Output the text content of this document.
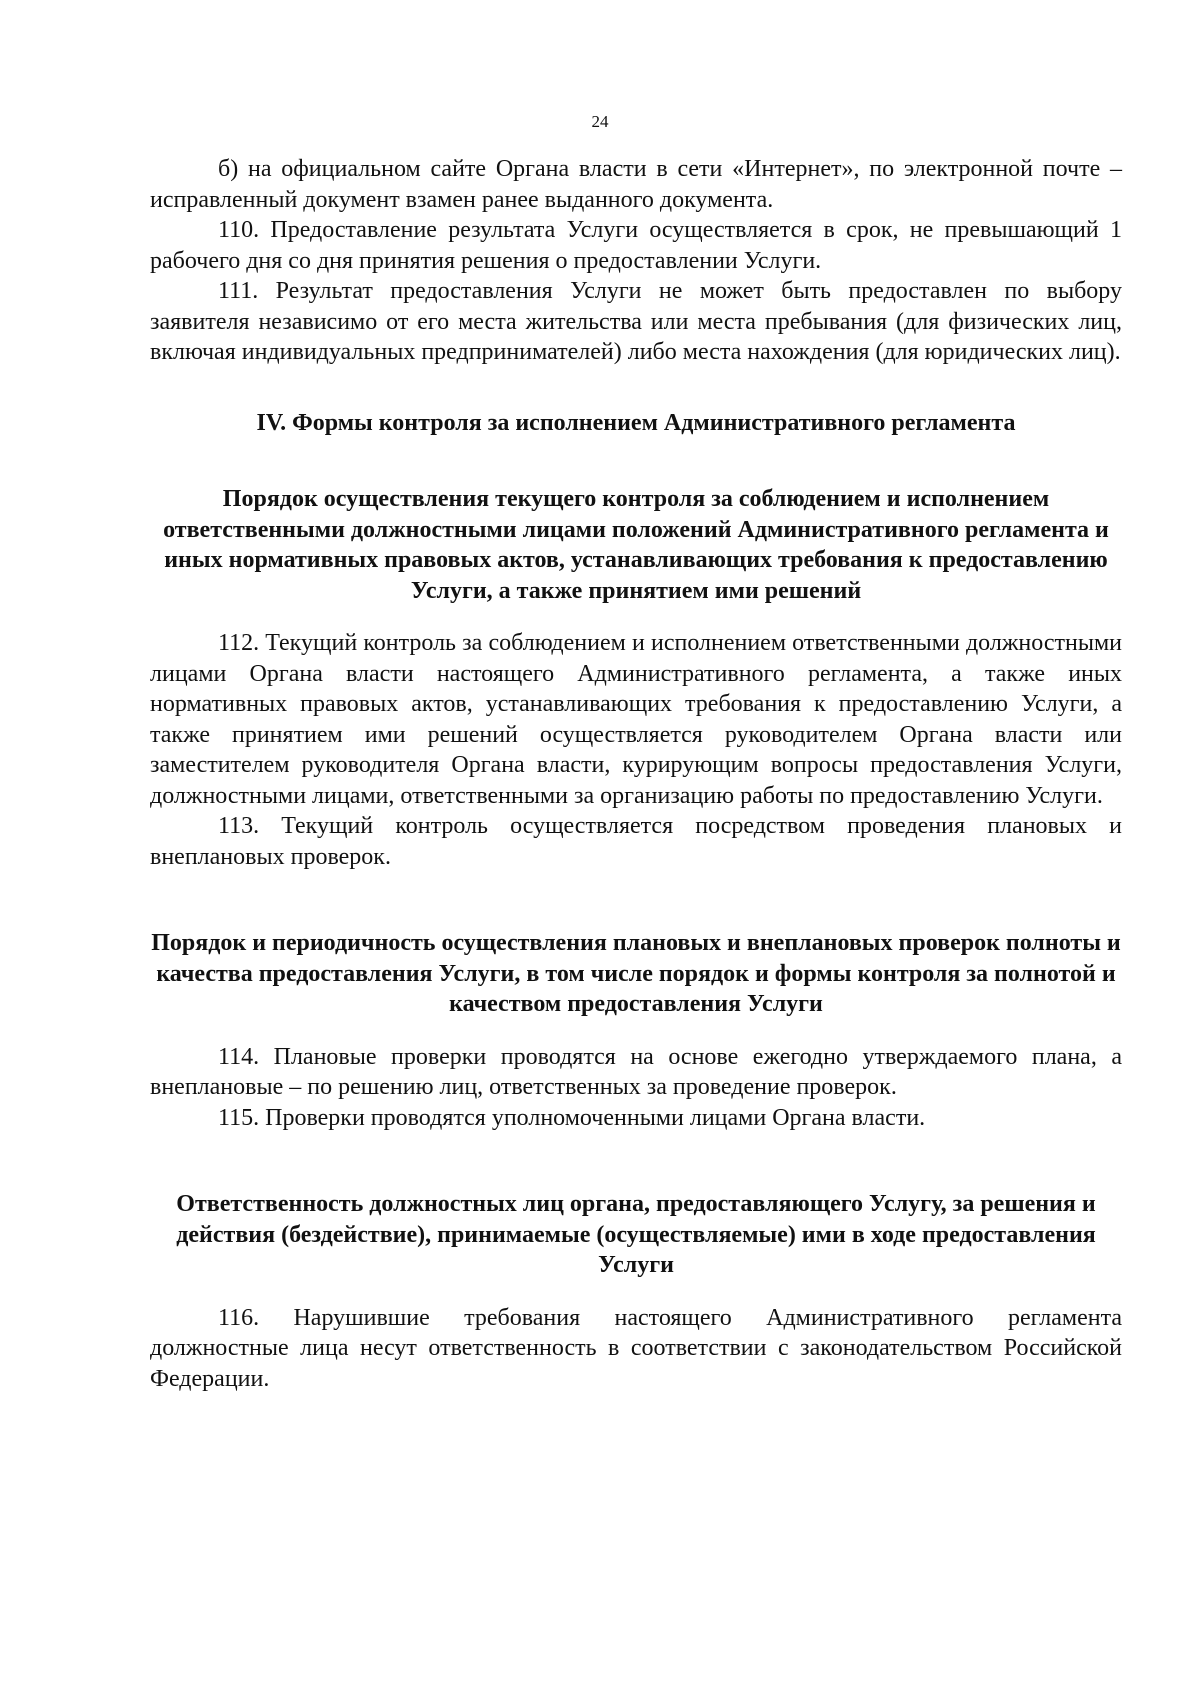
24

б) на официальном сайте Органа власти в сети «Интернет», по электронной почте – исправленный документ взамен ранее выданного документа.

110. Предоставление результата Услуги осуществляется в срок, не превышающий 1 рабочего дня со дня принятия решения о предоставлении Услуги.

111. Результат предоставления Услуги не может быть предоставлен по выбору заявителя независимо от его места жительства или места пребывания (для физических лиц, включая индивидуальных предпринимателей) либо места нахождения (для юридических лиц).

IV. Формы контроля за исполнением Административного регламента

Порядок осуществления текущего контроля за соблюдением и исполнением ответственными должностными лицами положений Административного регламента и иных нормативных правовых актов, устанавливающих требования к предоставлению Услуги, а также принятием ими решений

112. Текущий контроль за соблюдением и исполнением ответственными должностными лицами Органа власти настоящего Административного регламента, а также иных нормативных правовых актов, устанавливающих требования к предоставлению Услуги, а также принятием ими решений осуществляется руководителем Органа власти или заместителем руководителя Органа власти, курирующим вопросы предоставления Услуги, должностными лицами, ответственными за организацию работы по предоставлению Услуги.

113. Текущий контроль осуществляется посредством проведения плановых и внеплановых проверок.

Порядок и периодичность осуществления плановых и внеплановых проверок полноты и качества предоставления Услуги, в том числе порядок и формы контроля за полнотой и качеством предоставления Услуги

114. Плановые проверки проводятся на основе ежегодно утверждаемого плана, а внеплановые – по решению лиц, ответственных за проведение проверок.

115. Проверки проводятся уполномоченными лицами Органа власти.

Ответственность должностных лиц органа, предоставляющего Услугу, за решения и действия (бездействие), принимаемые (осуществляемые) ими в ходе предоставления Услуги

116. Нарушившие требования настоящего Административного регламента должностные лица несут ответственность в соответствии с законодательством Российской Федерации.
